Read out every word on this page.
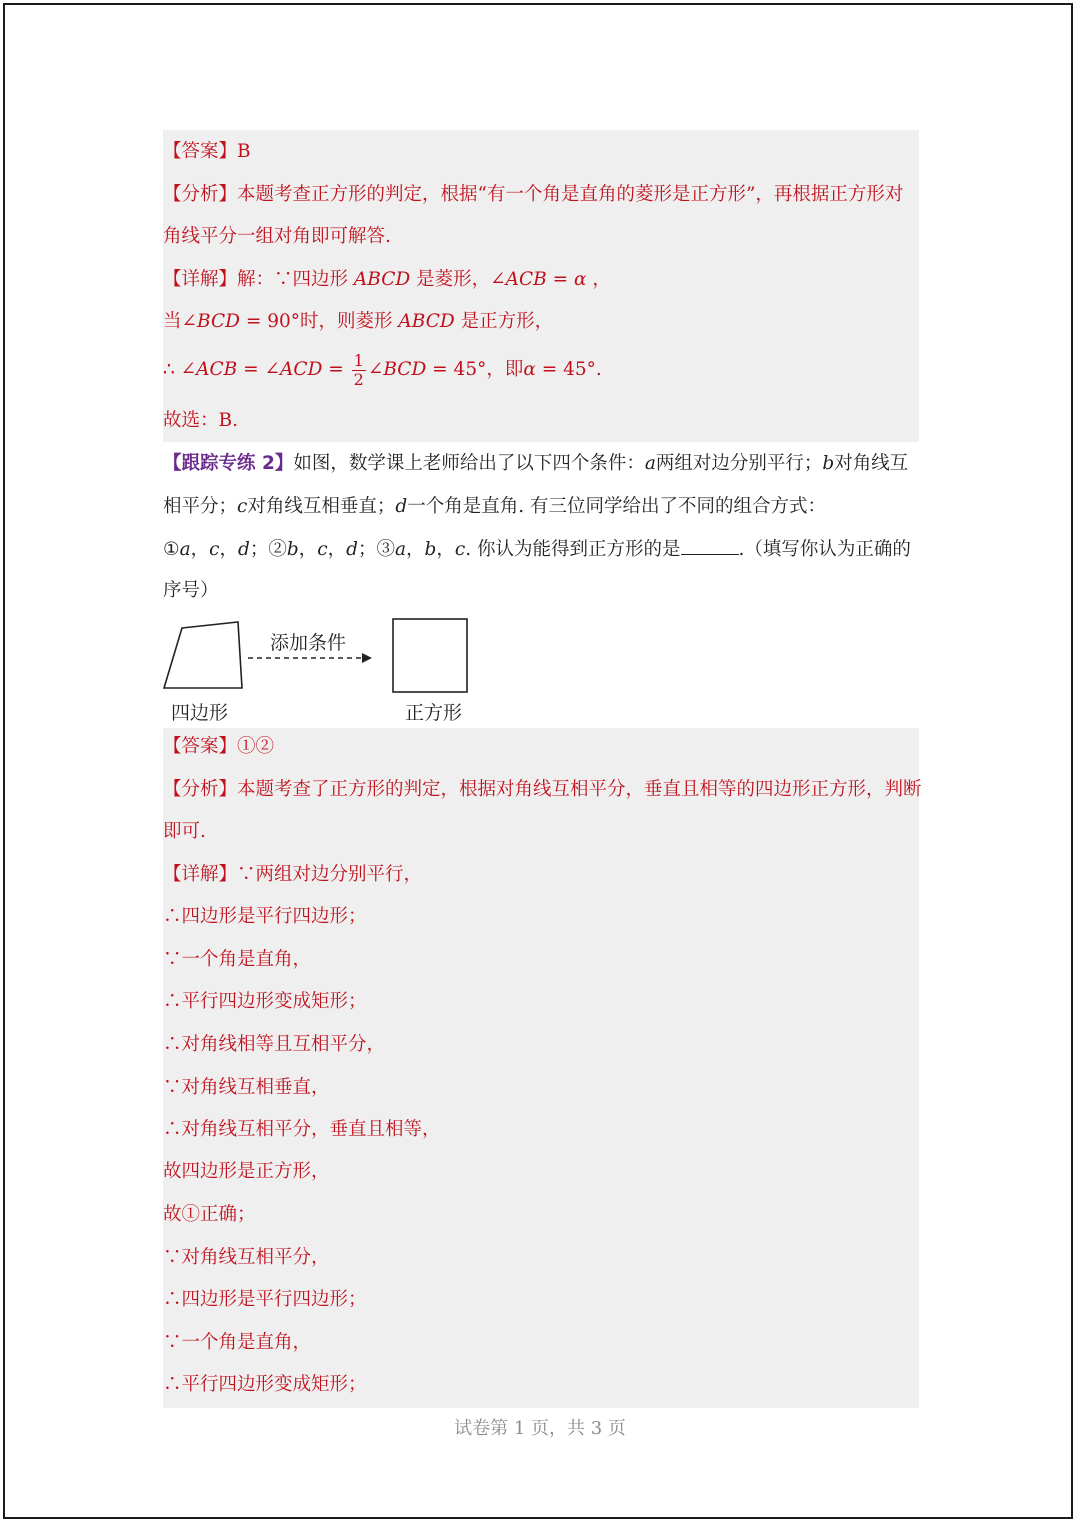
【答案】B
【分析】本题考查正方形的判定，根据“有一个角是直角的菱形是正方形”，再根据正方形对
角线平分一组对角即可解答.
【详解】解：∵四边形 ABCD 是菱形，∠ACB = α ，
当∠BCD = 90°时，则菱形 ABCD 是正方形，
∴ ∠ACB = ∠ACD = $\frac{1}{2}$ ∠BCD = 45°，即α = 45°.
故选：B.
【跟踪专练 2】如图，数学课上老师给出了以下四个条件：a两组对边分别平行；b对角线互
相平分；c对角线互相垂直；d一个角是直角. 有三位同学给出了不同的组合方式：
①a，c，d；②b，c，d；③a，b，c. 你认为能得到正方形的是	.（填写你认为正确的
序号）
添加条件
四边形	正方形
【答案】①②
【分析】本题考查了正方形的判定，根据对角线互相平分，垂直且相等的四边形正方形，判断
即可.
【详解】∵两组对边分别平行，
∴四边形是平行四边形；
∵一个角是直角，
∴平行四边形变成矩形；
∴对角线相等且互相平分，
∵对角线互相垂直，
∴对角线互相平分，垂直且相等，
故四边形是正方形，
故①正确；
∵对角线互相平分，
∴四边形是平行四边形；
∵一个角是直角，
∴平行四边形变成矩形；
试卷第 1 页，共 3 页
